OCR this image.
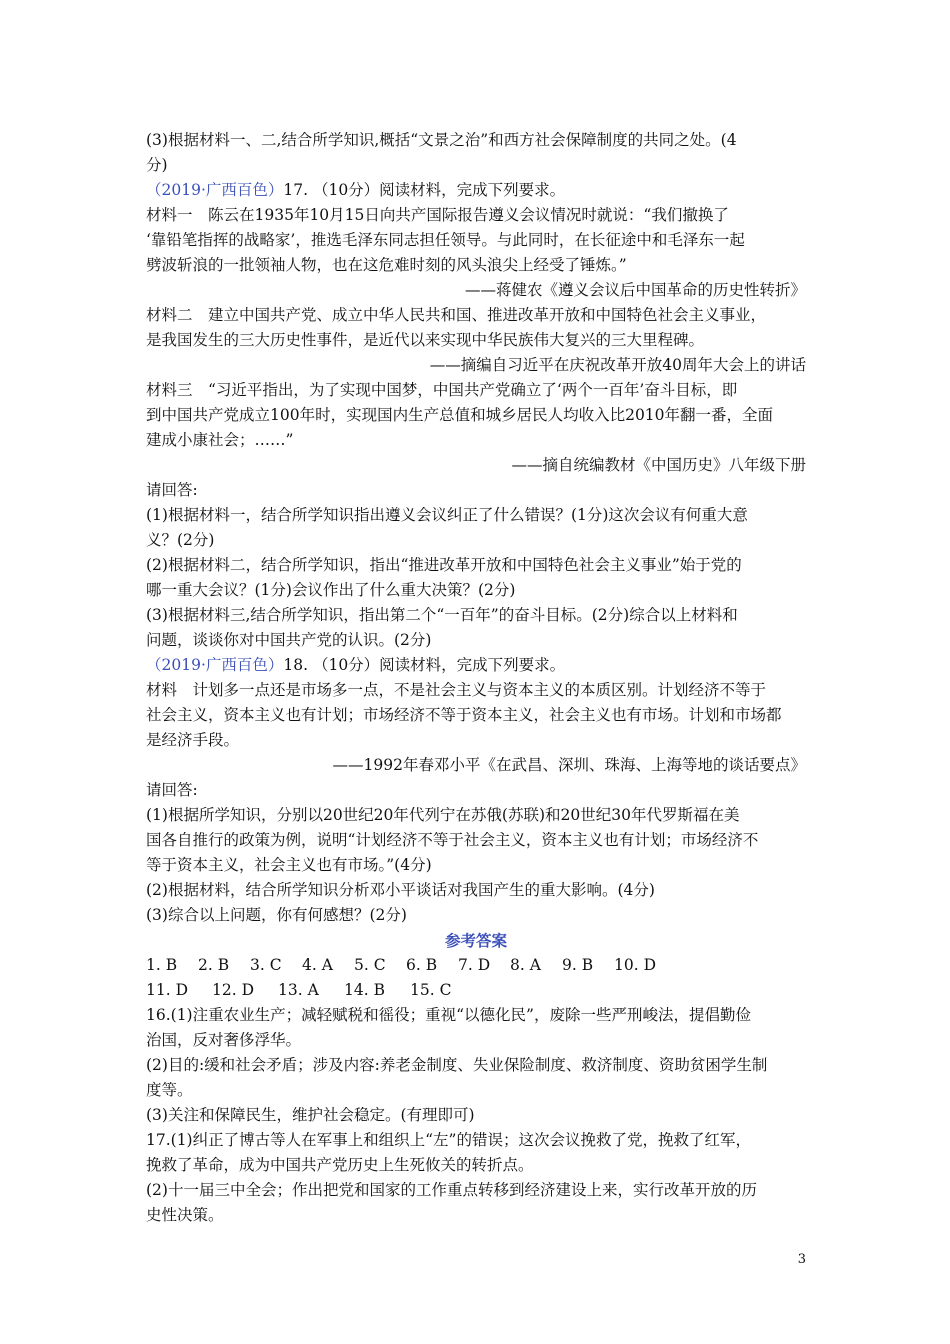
(3)根据材料一、二,结合所学知识,概括“文景之治”和西方社会保障制度的共同之处。(4
分)
（2019·广西百色）17. （10分）阅读材料，完成下列要求。
材料一　陈云在1935年10月15日向共产国际报告遵义会议情况时就说：“我们撤换了
‘靠铅笔指挥的战略家’，推选毛泽东同志担任领导。与此同时，在长征途中和毛泽东一起
劈波斩浪的一批领袖人物，也在这危难时刻的风头浪尖上经受了锤炼。”
——蒋健农《遵义会议后中国革命的历史性转折》
材料二　建立中国共产党、成立中华人民共和国、推进改革开放和中国特色社会主义事业，
是我国发生的三大历史性事件，是近代以来实现中华民族伟大复兴的三大里程碑。
——摘编自习近平在庆祝改革开放40周年大会上的讲话
材料三　“习近平指出，为了实现中国梦，中国共产党确立了‘两个一百年’奋斗目标，即
到中国共产党成立100年时，实现国内生产总值和城乡居民人均收入比2010年翻一番，全面
建成小康社会；……”
——摘自统编教材《中国历史》八年级下册
请回答:
(1)根据材料一，结合所学知识指出遵义会议纠正了什么错误？(1分)这次会议有何重大意
义？(2分)
(2)根据材料二，结合所学知识，指出“推进改革开放和中国特色社会主义事业”始于党的
哪一重大会议？(1分)会议作出了什么重大决策？(2分)
(3)根据材料三,结合所学知识，指出第二个“一百年”的奋斗目标。(2分)综合以上材料和
问题，谈谈你对中国共产党的认识。(2分)
（2019·广西百色）18. （10分）阅读材料，完成下列要求。
材料　计划多一点还是市场多一点，不是社会主义与资本主义的本质区别。计划经济不等于
社会主义，资本主义也有计划；市场经济不等于资本主义，社会主义也有市场。计划和市场都
是经济手段。
——1992年春邓小平《在武昌、深圳、珠海、上海等地的谈话要点》
请回答:
(1)根据所学知识，分别以20世纪20年代列宁在苏俄(苏联)和20世纪30年代罗斯福在美
国各自推行的政策为例，说明“计划经济不等于社会主义，资本主义也有计划；市场经济不
等于资本主义，社会主义也有市场。”(4分)
(2)根据材料，结合所学知识分析邓小平谈话对我国产生的重大影响。(4分)
(3)综合以上问题，你有何感想？(2分)
参考答案
1. B 2. B 3. C 4. A 5. C 6. B 7. D 8. A 9. B 10. D
11. D 12. D 13. A 14. B 15. C
16.(1)注重农业生产；减轻赋税和徭役；重视“以德化民”，废除一些严刑峻法，提倡勤俭
治国，反对奢侈浮华。
(2)目的:缓和社会矛盾；涉及内容:养老金制度、失业保险制度、救济制度、资助贫困学生制
度等。
(3)关注和保障民生，维护社会稳定。(有理即可)
17.(1)纠正了博古等人在军事上和组织上“左”的错误；这次会议挽救了党，挽救了红军，
挽救了革命，成为中国共产党历史上生死攸关的转折点。
(2)十一届三中全会；作出把党和国家的工作重点转移到经济建设上来，实行改革开放的历
史性决策。
3
